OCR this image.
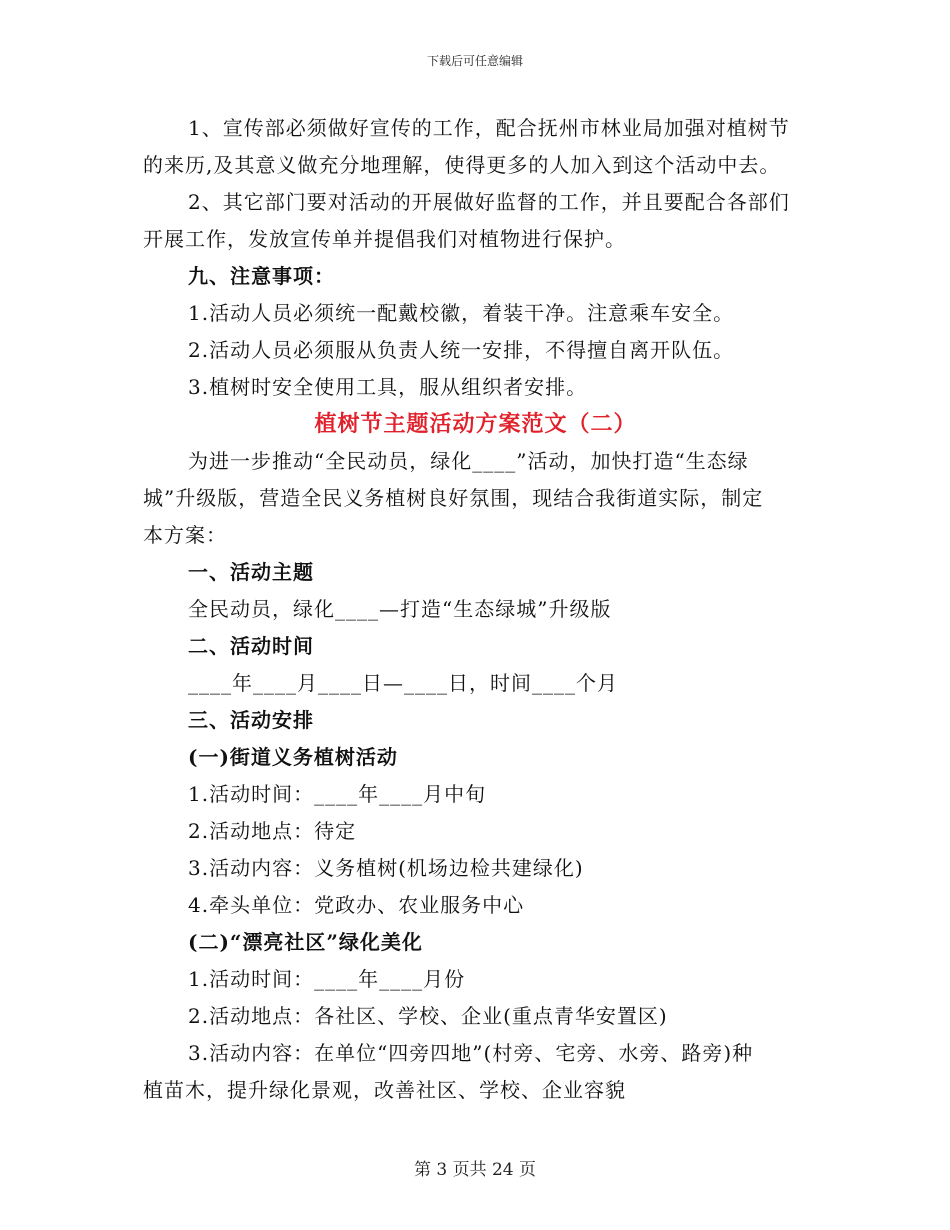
下载后可任意编辑

1、宣传部必须做好宣传的工作，配合抚州市林业局加强对植树节

的来历,及其意义做充分地理解，使得更多的人加入到这个活动中去。

2、其它部门要对活动的开展做好监督的工作，并且要配合各部们

开展工作，发放宣传单并提倡我们对植物进行保护。

九、注意事项：

1.活动人员必须统一配戴校徽，着装干净。注意乘车安全。

2.活动人员必须服从负责人统一安排，不得擅自离开队伍。

3.植树时安全使用工具，服从组织者安排。

植树节主题活动方案范文（二）

为进一步推动“全民动员，绿化____”活动，加快打造“生态绿

城”升级版，营造全民义务植树良好氛围，现结合我街道实际，制定

本方案：

一、活动主题

全民动员，绿化____—打造“生态绿城”升级版

二、活动时间

____年____月____日—____日，时间____个月

三、活动安排

(一)街道义务植树活动

1.活动时间：____年____月中旬

2.活动地点：待定

3.活动内容：义务植树(机场边检共建绿化)

4.牵头单位：党政办、农业服务中心

(二)“漂亮社区”绿化美化

1.活动时间：____年____月份

2.活动地点：各社区、学校、企业(重点青华安置区)

3.活动内容：在单位“四旁四地”(村旁、宅旁、水旁、路旁)种

植苗木，提升绿化景观，改善社区、学校、企业容貌

第 3 页共 24 页
